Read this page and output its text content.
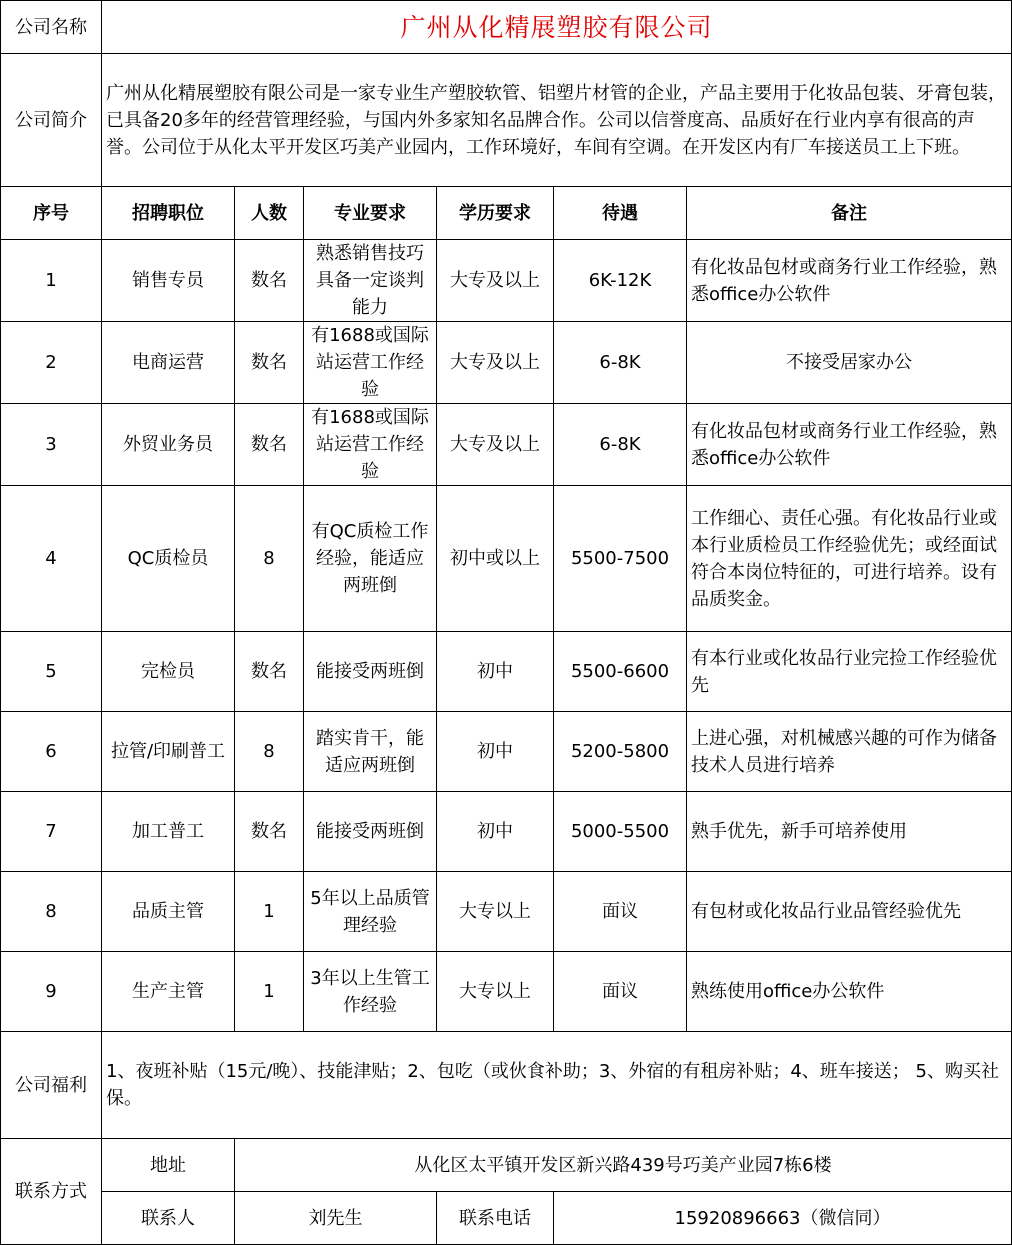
公司名称	广州从化精展塑胶有限公司					
公司简介	广州从化精展塑胶有限公司是一家专业生产塑胶软管、铝塑片材管的企业，产品主要用于化妆品包装、牙膏包装，已具备20多年的经营管理经验，与国内外多家知名品牌合作。公司以信誉度高、品质好在行业内享有很高的声誉。公司位于从化太平开发区巧美产业园内，工作环境好，车间有空调。在开发区内有厂车接送员工上下班。					
序号	招聘职位	人数	专业要求	学历要求	待遇	备注
1	销售专员	数名	熟悉销售技巧具备一定谈判能力	大专及以上	6K-12K	有化妆品包材或商务行业工作经验，熟悉office办公软件
2	电商运营	数名	有1688或国际站运营工作经验	大专及以上	6-8K	不接受居家办公
3	外贸业务员	数名	有1688或国际站运营工作经验	大专及以上	6-8K	有化妆品包材或商务行业工作经验，熟悉office办公软件
4	QC质检员	8	有QC质检工作经验，能适应两班倒	初中或以上	5500-7500	工作细心、责任心强。有化妆品行业或本行业质检员工作经验优先；或经面试符合本岗位特征的，可进行培养。设有品质奖金。
5	完检员	数名	能接受两班倒	初中	5500-6600	有本行业或化妆品行业完捡工作经验优先
6	拉管/印刷普工	8	踏实肯干，能适应两班倒	初中	5200-5800	上进心强，对机械感兴趣的可作为储备技术人员进行培养
7	加工普工	数名	能接受两班倒	初中	5000-5500	熟手优先，新手可培养使用
8	品质主管	1	5年以上品质管理经验	大专以上	面议	有包材或化妆品行业品管经验优先
9	生产主管	1	3年以上生管工作经验	大专以上	面议	熟练使用office办公软件
公司福利	1、夜班补贴（15元/晚）、技能津贴；2、包吃（或伙食补助；3、外宿的有租房补贴；4、班车接送； 5、购买社保。					
联系方式	地址	从化区太平镇开发区新兴路439号巧美产业园7栋6楼				
	联系人	刘先生		联系电话	15920896663（微信同）	
